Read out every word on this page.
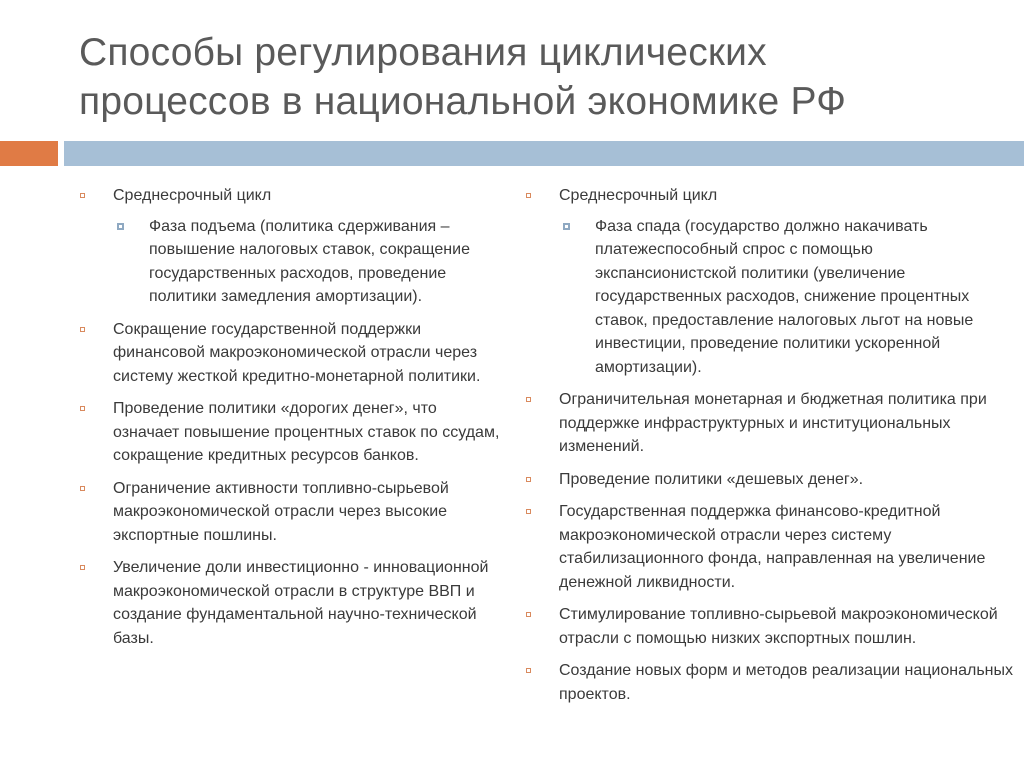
Способы регулирования циклических
процессов в национальной экономике РФ
Среднесрочный цикл
Фаза подъема (политика сдерживания – повышение налоговых ставок, сокращение государственных расходов, проведение политики замедления амортизации).
Сокращение государственной поддержки финансовой макроэкономической отрасли через систему жесткой кредитно-монетарной политики.
Проведение политики «дорогих денег», что означает повышение процентных ставок по ссудам, сокращение кредитных ресурсов банков.
Ограничение активности топливно-сырьевой макроэкономической отрасли через высокие экспортные пошлины.
Увеличение доли инвестиционно - инновационной макроэкономической отрасли в структуре ВВП и создание фундаментальной научно-технической базы.
Среднесрочный цикл
Фаза спада (государство должно накачивать платежеспособный спрос с помощью экспансионистской политики (увеличение государственных расходов, снижение процентных ставок, предоставление налоговых льгот на новые инвестиции, проведение политики ускоренной амортизации).
Ограничительная монетарная и бюджетная политика при поддержке инфраструктурных и институциональных изменений.
Проведение политики «дешевых денег».
Государственная поддержка финансово-кредитной макроэкономической отрасли через систему стабилизационного фонда, направленная на увеличение денежной ликвидности.
Стимулирование топливно-сырьевой макроэкономической отрасли с помощью низких экспортных пошлин.
Создание новых форм и методов реализации национальных проектов.
